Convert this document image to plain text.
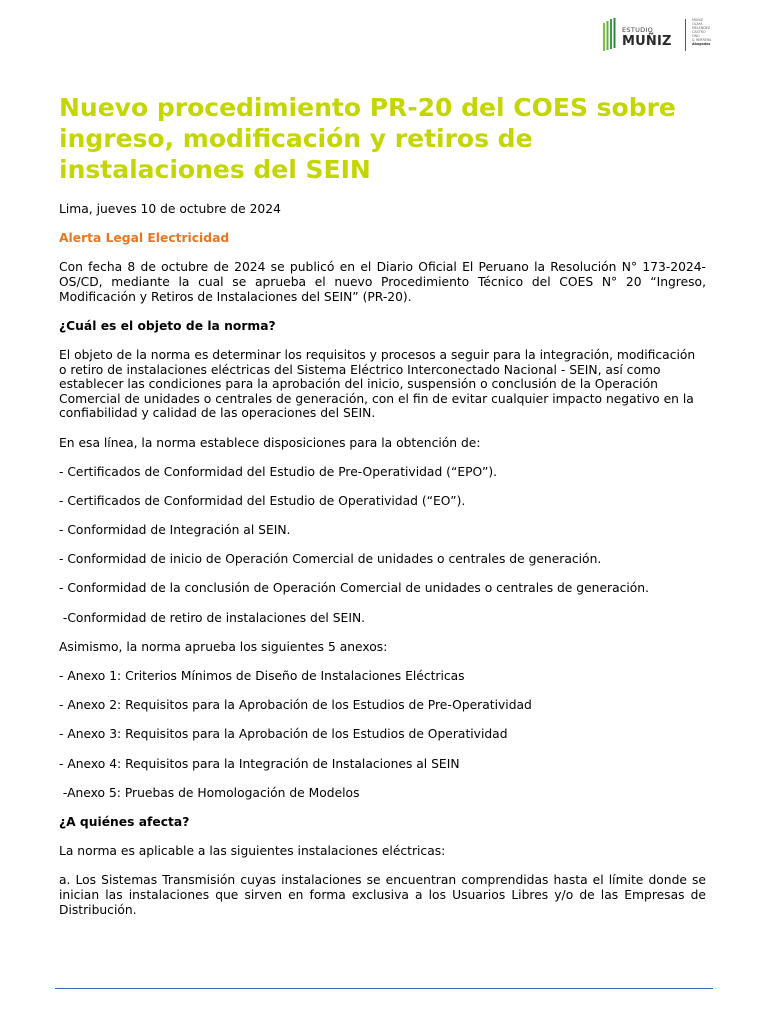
ESTUDIO
MUÑIZ
MUÑIZ
OLAYA
MELENDEZ
CASTRO
ONO
& HERRERA
Abogados
Nuevo procedimiento PR-20 del COES sobre ingreso, modificación y retiros de instalaciones del SEIN

Lima, jueves 10 de octubre de 2024

Alerta Legal Electricidad

Con fecha 8 de octubre de 2024 se publicó en el Diario Oficial El Peruano la Resolución N° 173-2024-OS/CD, mediante la cual se aprueba el nuevo Procedimiento Técnico del COES N° 20 “Ingreso, Modificación y Retiros de Instalaciones del SEIN” (PR-20).

¿Cuál es el objeto de la norma?

El objeto de la norma es determinar los requisitos y procesos a seguir para la integración, modificación o retiro de instalaciones eléctricas del Sistema Eléctrico Interconectado Nacional - SEIN, así como establecer las condiciones para la aprobación del inicio, suspensión o conclusión de la Operación Comercial de unidades o centrales de generación, con el fin de evitar cualquier impacto negativo en la confiabilidad y calidad de las operaciones del SEIN.

En esa línea, la norma establece disposiciones para la obtención de:

- Certificados de Conformidad del Estudio de Pre-Operatividad (“EPO”).

- Certificados de Conformidad del Estudio de Operatividad (“EO”).

- Conformidad de Integración al SEIN.

- Conformidad de inicio de Operación Comercial de unidades o centrales de generación.

- Conformidad de la conclusión de Operación Comercial de unidades o centrales de generación.

-Conformidad de retiro de instalaciones del SEIN.

Asimismo, la norma aprueba los siguientes 5 anexos:

- Anexo 1: Criterios Mínimos de Diseño de Instalaciones Eléctricas

- Anexo 2: Requisitos para la Aprobación de los Estudios de Pre-Operatividad

- Anexo 3: Requisitos para la Aprobación de los Estudios de Operatividad

- Anexo 4: Requisitos para la Integración de Instalaciones al SEIN

-Anexo 5: Pruebas de Homologación de Modelos

¿A quiénes afecta?

La norma es aplicable a las siguientes instalaciones eléctricas:

a. Los Sistemas Transmisión cuyas instalaciones se encuentran comprendidas hasta el límite donde se inician las instalaciones que sirven en forma exclusiva a los Usuarios Libres y/o de las Empresas de Distribución.
